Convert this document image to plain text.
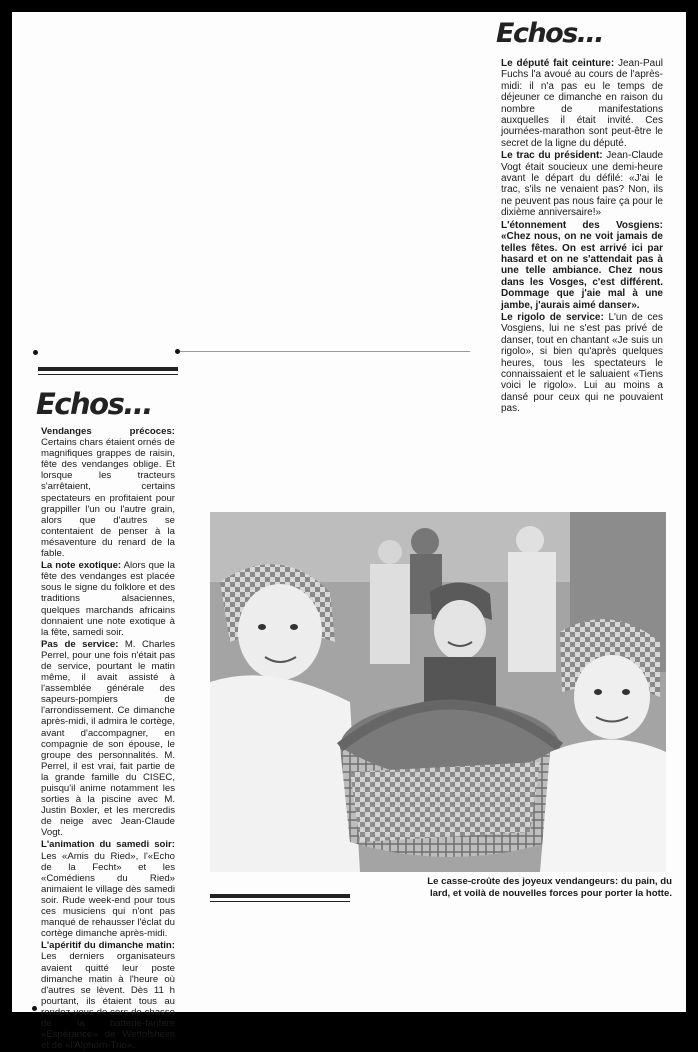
Echos...

Le député fait ceinture: Jean-Paul Fuchs l'a avoué au cours de l'après-midi: il n'a pas eu le temps de déjeuner ce dimanche en raison du nombre de manifestations auxquelles il était invité. Ces journées-marathon sont peut-être le secret de la ligne du député.

Le trac du président: Jean-Claude Vogt était soucieux une demi-heure avant le départ du défilé: «J'ai le trac, s'ils ne venaient pas? Non, ils ne peuvent pas nous faire ça pour le dixième anniversaire!»

L'étonnement des Vosgiens: «Chez nous, on ne voit jamais de telles fêtes. On est arrivé ici par hasard et on ne s'attendait pas à une telle ambiance. Chez nous dans les Vosges, c'est différent. Dommage que j'aie mal à une jambe, j'aurais aimé danser».

Le rigolo de service: L'un de ces Vosgiens, lui ne s'est pas privé de danser, tout en chantant «Je suis un rigolo», si bien qu'après quelques heures, tous les spectateurs le connaissaient et le saluaient «Tiens voici le rigolo». Lui au moins a dansé pour ceux qui ne pouvaient pas.

Echos...

Vendanges précoces: Certains chars étaient ornés de magnifiques grappes de raisin, fête des vendanges oblige. Et lorsque les tracteurs s'arrêtaient, certains spectateurs en profitaient pour grappiller l'un ou l'autre grain, alors que d'autres se contentaient de penser à la mésaventure du renard de la fable.

La note exotique: Alors que la fête des vendanges est placée sous le signe du folklore et des traditions alsaciennes, quelques marchands africains donnaient une note exotique à la fête, samedi soir.

Pas de service: M. Charles Perrel, pour une fois n'était pas de service, pourtant le matin même, il avait assisté à l'assemblée générale des sapeurs-pompiers de l'arrondissement. Ce dimanche après-midi, il admira le cortège, avant d'accompagner, en compagnie de son épouse, le groupe des personnalités. M. Perrel, il est vrai, fait partie de la grande famille du CISEC, puisqu'il anime notamment les sorties à la piscine avec M. Justin Boxler, et les mercredis de neige avec Jean-Claude Vogt.

L'animation du samedi soir: Les «Amis du Ried», l'«Echo de la Fecht» et les «Comédiens du Ried» animaient le village dès samedi soir. Rude week-end pour tous ces musiciens qui n'ont pas manqué de rehausser l'éclat du cortège dimanche après-midi.

L'apéritif du dimanche matin: Les derniers organisateurs avaient quitté leur poste dimanche matin à l'heure où d'autres se lèvent. Dès 11 h pourtant, ils étaient tous au rendez-vous de cors de chasse de la batterie-fanfare «Espérance» de Wettolsheim et de «l'Alphorn-Trio».

Le casse-croûte des joyeux vendangeurs: du pain, du lard, et voilà de nouvelles forces pour porter la hotte.
